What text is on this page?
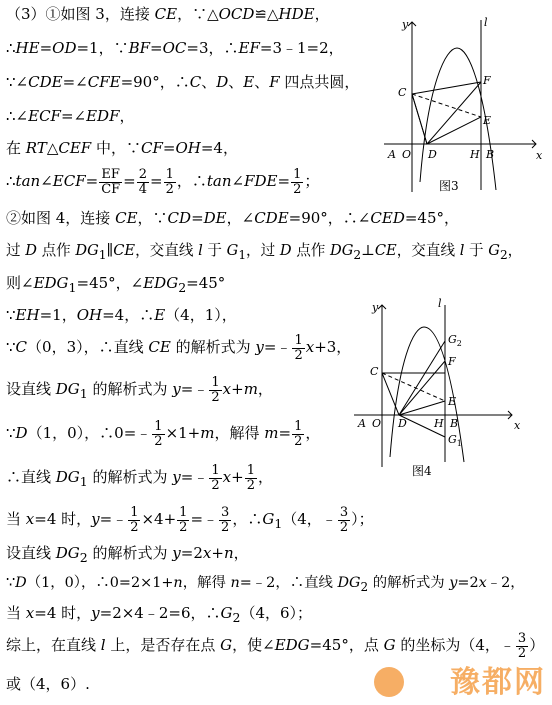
（3）①如图 3，连接 CE，∵△OCD≌△HDE，
∴HE=OD=1，∵BF=OC=3，∴EF=3﹣1=2，
∵∠CDE=∠CFE=90°，∴C、D、E、F 四点共圆，
∴∠ECF=∠EDF，
在 RT△CEF 中，∵CF=OH=4，
∴tan∠ECF= $\frac{EF}{CF} = \frac{2}{4} = \frac{1}{2}$ ，∴tan∠FDE= $\frac{1}{2}$ ；
②如图 4，连接 CE，∵CD=DE，∠CDE=90°，∴∠CED=45°，
过 D 点作 $DG_1\parallel CE$，交直线 l 于 $G_1$，过 D 点作 $DG_2\perp CE$，交直线 l 于 $G_2$，
则$\angle EDG_1=45^\circ$，$\angle EDG_2=45^\circ$
∵EH=1，OH=4，∴E（4，1），
∵C（0，3），∴直线 CE 的解析式为 y=﹣ $\frac{1}{2} x+3$，
设直线 $DG_1$ 的解析式为 y=﹣ $\frac{1}{2} x+m$，
∵D（1，0），∴0=﹣ $\frac{1}{2} \times 1+m$，解得 $m= \frac{1}{2}$ ，
∴直线 $DG_1$ 的解析式为 y=﹣ $\frac{1}{2} x+ \frac{1}{2}$ ，
当 x=4 时，y=﹣ $\frac{1}{2} \times 4+ \frac{1}{2}$ =﹣ $\frac{3}{2}$ ，$\therefore G_1(4$，﹣ $\frac{3}{2}$ ）；
设直线 $DG_2$ 的解析式为 y=2x+n，
∵D（1，0），∴0=2×1+n，解得 n=﹣2，∴直线 $DG_2$ 的解析式为 y=2x﹣2，
当 x=4 时，y=2×4﹣2=6，$\therefore G_2(4$，6）；
综上，在直线 l 上，是否存在点 G，使∠EDG=45°，点 G 的坐标为（4，﹣ $\frac{3}{2}$ ）
或（4，6）.
y	l
x
C
F
E
A O D	H B
图3
y	l
x
C
F
E
A O D H B
$G_2$
$G_1$
图4
豫都网
